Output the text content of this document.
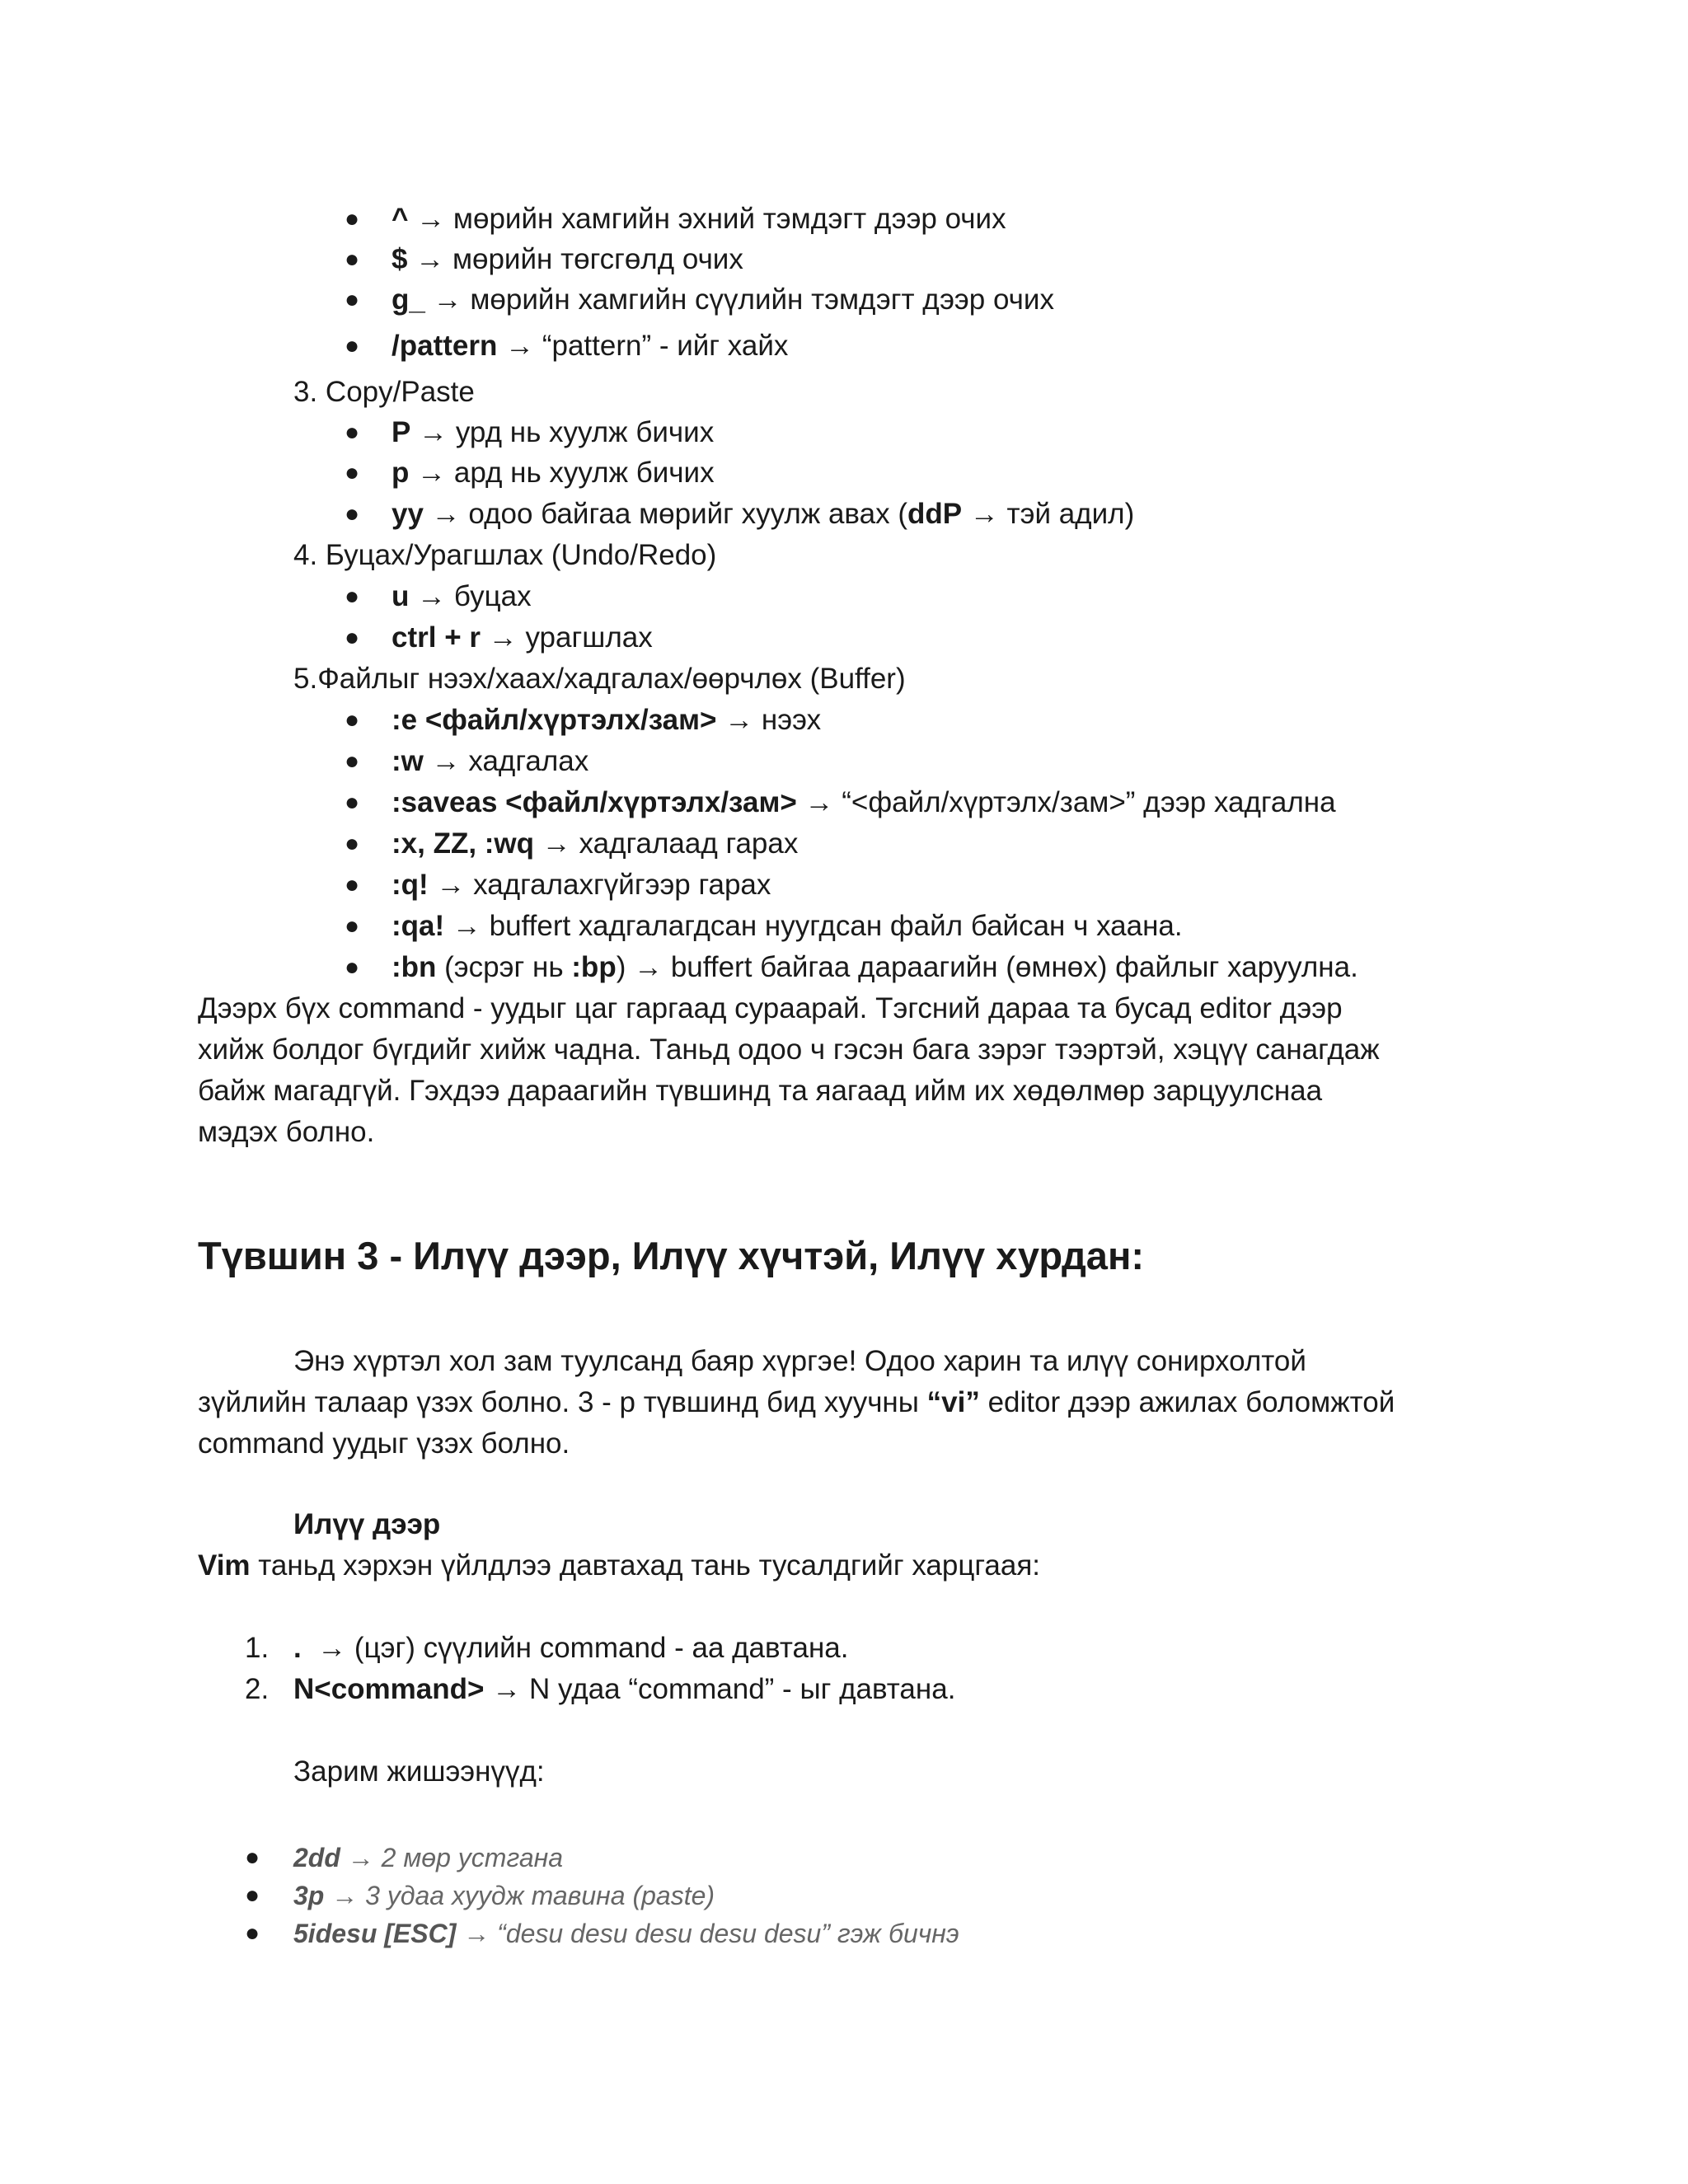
● ^ → мөрийн хамгийн эхний тэмдэгт дээр очих
● $ → мөрийн төгсгөлд очих
● g_ → мөрийн хамгийн сүүлийн тэмдэгт дээр очих
● /pattern → “pattern” - ийг хайх
3. Copy/Paste
● P → урд нь хуулж бичих
● p → ард нь хуулж бичих
● yy → одоо байгаа мөрийг хуулж авах (ddP → тэй адил)
4. Буцах/Урагшлах (Undo/Redo)
● u → буцах
● ctrl + r → урагшлах
5.Файлыг нээх/хаах/хадгалах/өөрчлөх (Buffer)
● :e <файл/хүртэлх/зам> → нээх
● :w → хадгалах
● :saveas <файл/хүртэлх/зам> → “<файл/хүртэлх/зам>” дээр хадгална
● :x, ZZ, :wq → хадгалаад гарах
● :q! → хадгалахгүйгээр гарах
● :qa! → buffert хадгалагдсан нуугдсан файл байсан ч хаана.
● :bn (эсрэг нь :bp) → buffert байгаа дараагийн (өмнөх) файлыг харуулна.
Дээрх бүх command - уудыг цаг гаргаад сураарай. Тэгсний дараа та бусад editor дээр
хийж болдог бүгдийг хийж чадна. Таньд одоо ч гэсэн бага зэрэг тээртэй, хэцүү санагдаж
байж магадгүй. Гэхдээ дараагийн түвшинд та яагаад ийм их хөдөлмөр зарцуулснаа
мэдэх болно.
Түвшин 3 - Илүү дээр, Илүү хүчтэй, Илүү хурдан:
Энэ хүртэл хол зам туулсанд баяр хүргэе! Одоо харин та илүү сонирхолтой
зүйлийн талаар үзэх болно. 3 - р түвшинд бид хуучны “vi” editor дээр ажилах боломжтой
command уудыг үзэх болно.
Илүү дээр
Vim таньд хэрхэн үйлдлээ давтахад тань тусалдгийг харцгаая:
1. . → (цэг) сүүлийн command - аа давтана.
2. N<command> → N удаа “command” - ыг давтана.
Зарим жишээнүүд:
● 2dd → 2 мөр устгана
● 3p → 3 удаа хуудж тавина (paste)
● 5idesu [ESC] → “desu desu desu desu desu” гэж бичнэ
